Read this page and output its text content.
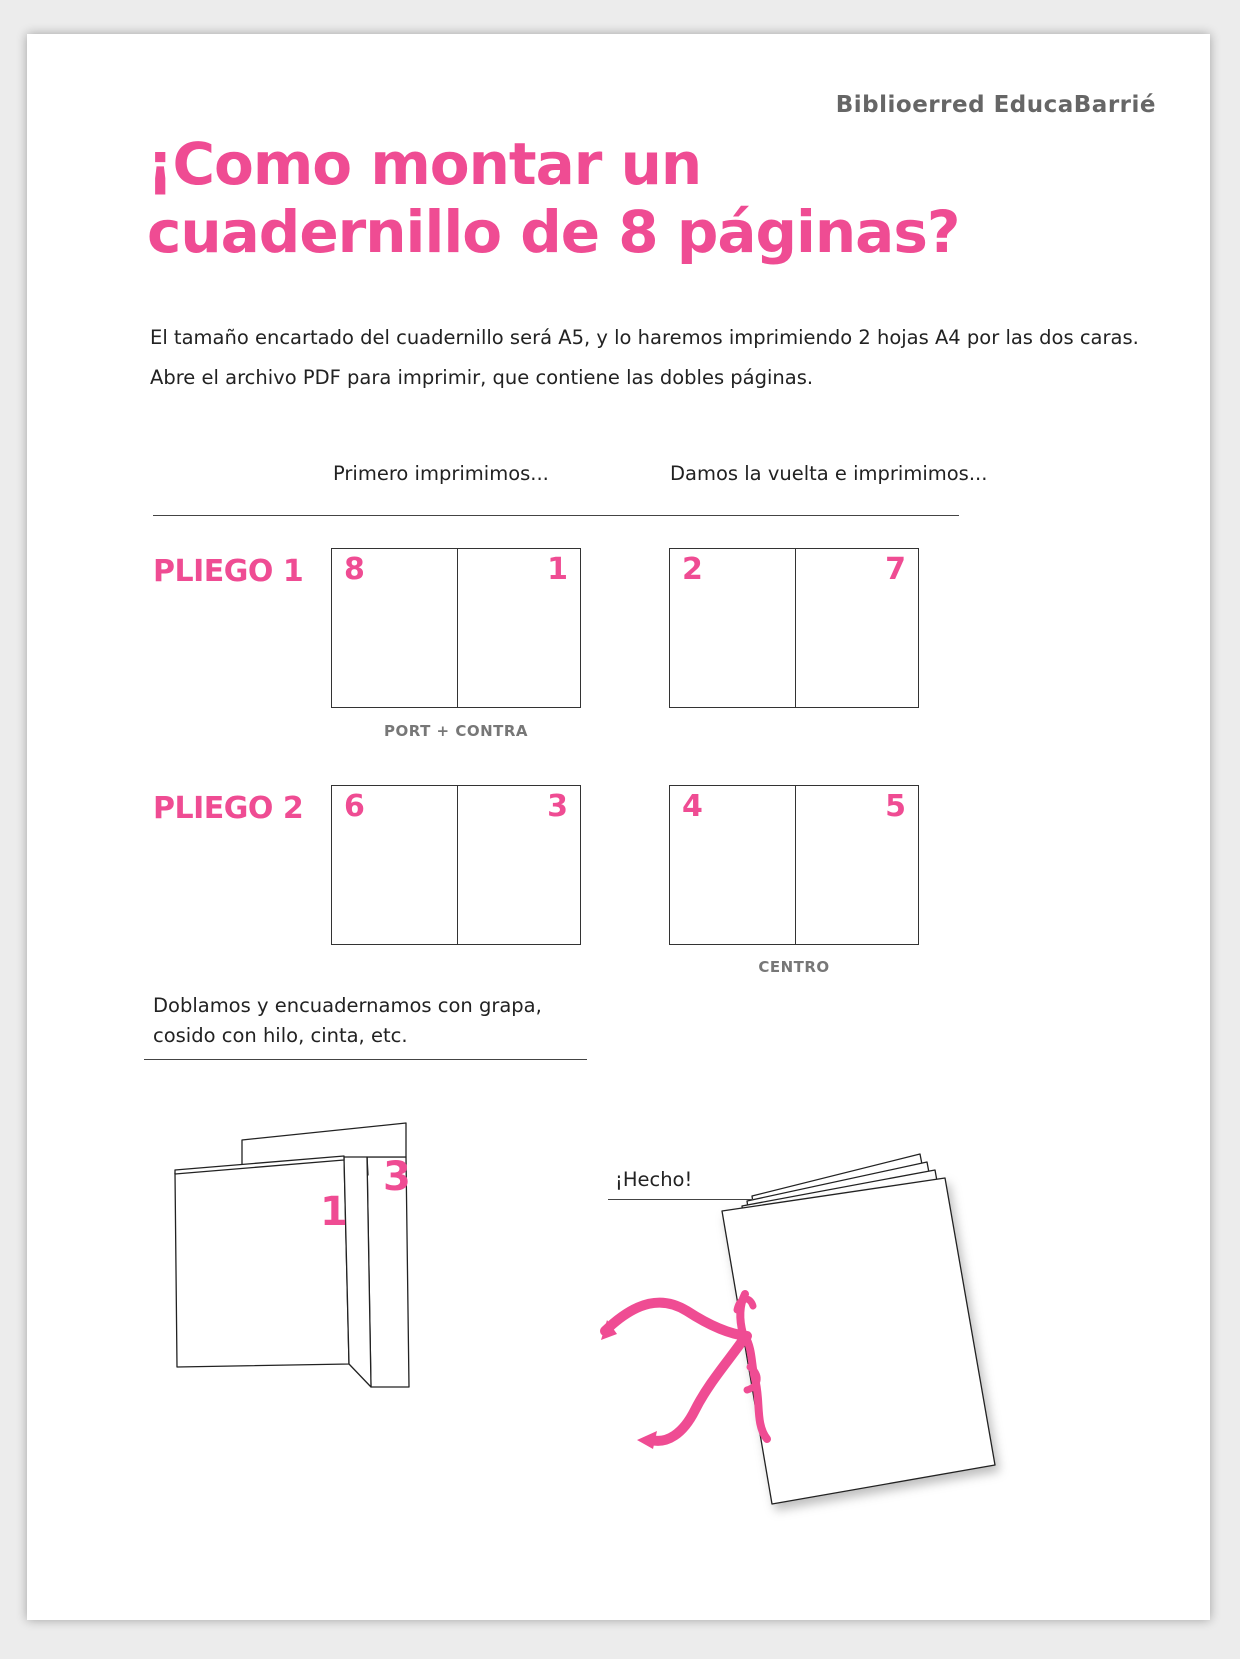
Biblioerred EducaBarrié
¡Como montar un
cuadernillo de 8 páginas?

El tamaño encartado del cuadernillo será A5, y lo haremos imprimiendo 2 hojas A4 por las dos caras.

Abre el archivo PDF para imprimir, que contiene las dobles páginas.

Primero imprimimos...	Damos la vuelta e imprimimos...
PLIEGO 1 8	1	2	7
PORT + CONTRA
PLIEGO 2 6	3	4	5
CENTRO
Doblamos y encuadernamos con grapa,
cosido con hilo, cinta, etc.
1
3	¡Hecho!
